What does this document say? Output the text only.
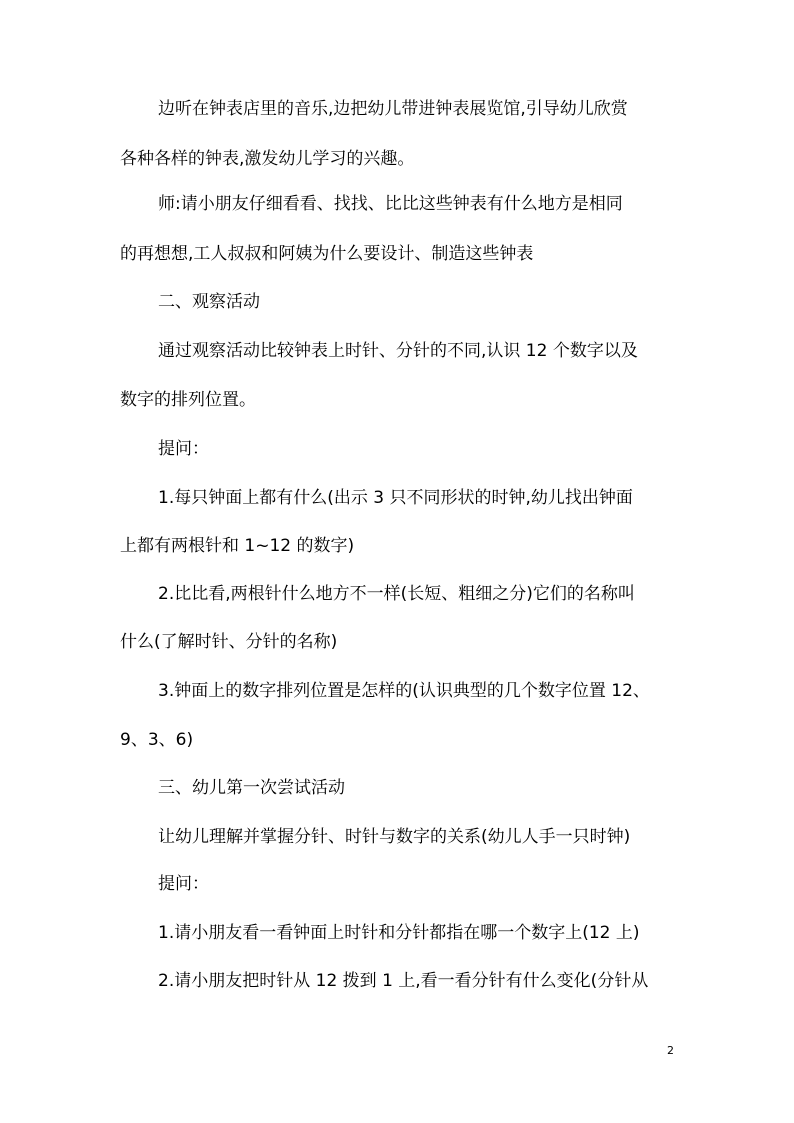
边听在钟表店里的音乐,边把幼儿带进钟表展览馆,引导幼儿欣赏
各种各样的钟表,激发幼儿学习的兴趣。
师:请小朋友仔细看看、找找、比比这些钟表有什么地方是相同
的再想想,工人叔叔和阿姨为什么要设计、制造这些钟表
二、观察活动
通过观察活动比较钟表上时针、分针的不同,认识 12 个数字以及
数字的排列位置。
提问：
1.每只钟面上都有什么(出示 3 只不同形状的时钟,幼儿找出钟面
上都有两根针和 1~12 的数字)
2.比比看,两根针什么地方不一样(长短、粗细之分)它们的名称叫
什么(了解时针、分针的名称)
3.钟面上的数字排列位置是怎样的(认识典型的几个数字位置 12、
9、3、6)
三、幼儿第一次尝试活动
让幼儿理解并掌握分针、时针与数字的关系(幼儿人手一只时钟)
提问：
1.请小朋友看一看钟面上时针和分针都指在哪一个数字上(12 上)
2.请小朋友把时针从 12 拨到 1 上,看一看分针有什么变化(分针从
2
